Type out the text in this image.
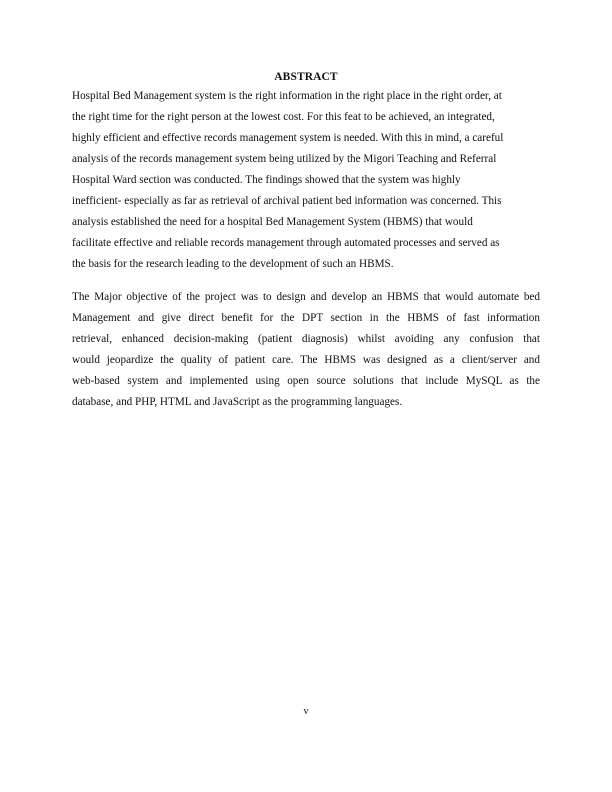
ABSTRACT
Hospital Bed Management system is the right information in the right place in the right order, at
the right time for the right person at the lowest cost. For this feat to be achieved, an integrated,
highly efficient and effective records management system is needed. With this in mind, a careful
analysis of the records management system being utilized by the Migori Teaching and Referral
Hospital Ward section was conducted. The findings showed that the system was highly
inefficient- especially as far as retrieval of archival patient bed information was concerned. This
analysis established the need for a hospital Bed Management System (HBMS) that would
facilitate effective and reliable records management through automated processes and served as
the basis for the research leading to the development of such an HBMS.
The Major objective of the project was to design and develop an HBMS that would automate bed
Management and give direct benefit for the DPT section in the HBMS of fast information
retrieval, enhanced decision-making (patient diagnosis) whilst avoiding any confusion that
would jeopardize the quality of patient care. The HBMS was designed as a client/server and
web-based system and implemented using open source solutions that include MySQL as the
database, and PHP, HTML and JavaScript as the programming languages.
v
